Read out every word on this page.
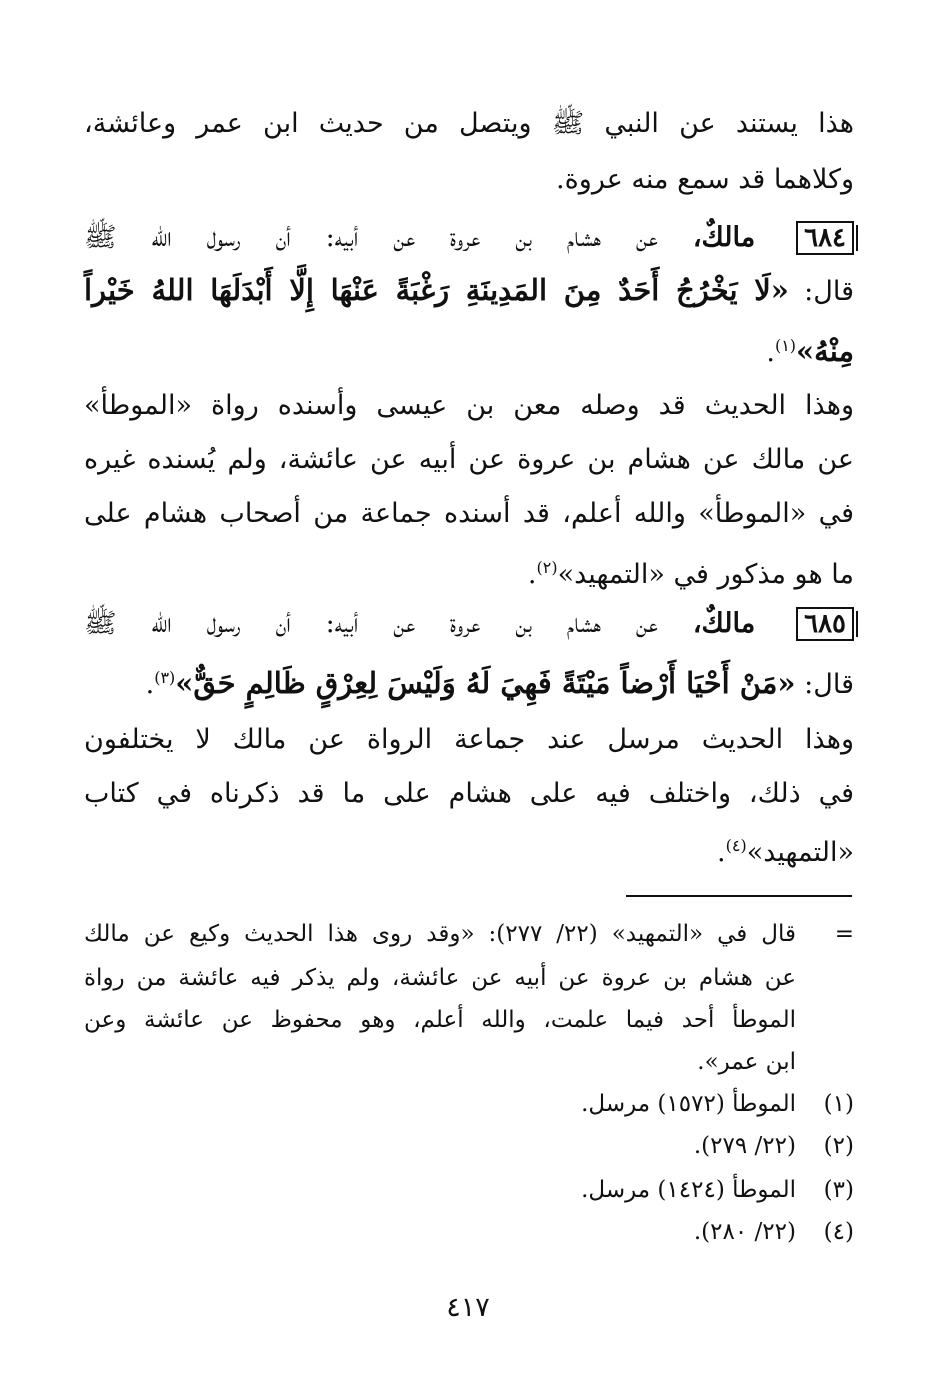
هذا يستند عن النبي ﷺ ويتصل من حديث ابن عمر وعائشة،
وكلاهما قد سمع منه عروة.
٦٨٤ مالكٌ، عن هشام بن عروة عن أبيه: أن رسول الله ﷺ
قال: «لَا يَخْرُجُ أَحَدٌ مِنَ المَدِينَةِ رَغْبَةً عَنْهَا إِلَّا أَبْدَلَهَا اللهُ خَيْراً
مِنْهُ»$^{(١)}$.
وهذا الحديث قد وصله معن بن عيسى وأسنده رواة «الموطأ»
عن مالك عن هشام بن عروة عن أبيه عن عائشة، ولم يُسنده غيره
في «الموطأ» والله أعلم، قد أسنده جماعة من أصحاب هشام على
ما هو مذكور في «التمهيد»$^{(٢)}$.
٦٨٥ مالكٌ، عن هشام بن عروة عن أبيه: أن رسول الله ﷺ
قال: «مَنْ أَحْيَا أَرْضاً مَيْتَةً فَهِيَ لَهُ وَلَيْسَ لِعِرْقٍ ظَالِمٍ حَقٌّ»$^{(٣)}$.
وهذا الحديث مرسل عند جماعة الرواة عن مالك لا يختلفون
في ذلك، واختلف فيه على هشام على ما قد ذكرناه في كتاب
«التمهيد»$^{(٤)}$.
=
قال في «التمهيد» (٢٢/ ٢٧٧): «وقد روى هذا الحديث وكيع عن مالك
عن هشام بن عروة عن أبيه عن عائشة، ولم يذكر فيه عائشة من رواة
الموطأ أحد فيما علمت، والله أعلم، وهو محفوظ عن عائشة وعن
ابن عمر».
(١)
الموطأ (١٥٧٢) مرسل.
(٢)
(٢٢/ ٢٧٩).
(٣)
الموطأ (١٤٢٤) مرسل.
(٤)
(٢٢/ ٢٨٠).
٤١٧
